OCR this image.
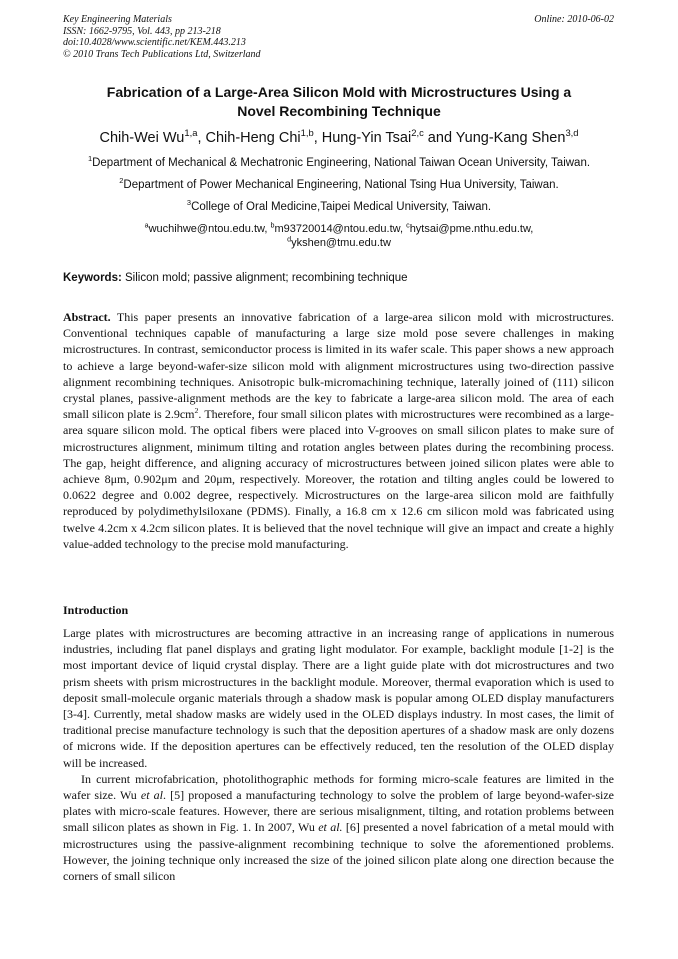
Key Engineering Materials
ISSN: 1662-9795, Vol. 443, pp 213-218
doi:10.4028/www.scientific.net/KEM.443.213
© 2010 Trans Tech Publications Ltd, Switzerland
Online: 2010-06-02
Fabrication of a Large-Area Silicon Mold with Microstructures Using a
Novel Recombining Technique
Chih-Wei Wu$^{1,a}$, Chih-Heng Chi$^{1,b}$, Hung-Yin Tsai$^{2,c}$ and Yung-Kang Shen$^{3,d}$
$^1$Department of Mechanical & Mechatronic Engineering, National Taiwan Ocean University, Taiwan.
$^2$Department of Power Mechanical Engineering, National Tsing Hua University, Taiwan.
$^3$College of Oral Medicine,Taipei Medical University, Taiwan.
$^a$wuchihwe@ntou.edu.tw, $^b$m93720014@ntou.edu.tw, $^c$hytsai@pme.nthu.edu.tw,
$^d$ykshen@tmu.edu.tw
Keywords: Silicon mold; passive alignment; recombining technique
Abstract. This paper presents an innovative fabrication of a large-area silicon mold with microstructures. Conventional techniques capable of manufacturing a large size mold pose severe challenges in making microstructures. In contrast, semiconductor process is limited in its wafer scale. This paper shows a new approach to achieve a large beyond-wafer-size silicon mold with alignment microstructures using two-direction passive alignment recombining techniques. Anisotropic bulk-micromachining technique, laterally joined of (111) silicon crystal planes, passive-alignment methods are the key to fabricate a large-area silicon mold. The area of each small silicon plate is $2.9cm^2$. Therefore, four small silicon plates with microstructures were recombined as a large-area square silicon mold. The optical fibers were placed into V-grooves on small silicon plates to make sure of microstructures alignment, minimum tilting and rotation angles between plates during the recombining process. The gap, height difference, and aligning accuracy of microstructures between joined silicon plates were able to achieve 8μm, 0.902μm and 20μm, respectively. Moreover, the rotation and tilting angles could be lowered to 0.0622 degree and 0.002 degree, respectively. Microstructures on the large-area silicon mold are faithfully reproduced by polydimethylsiloxane (PDMS). Finally, a 16.8 cm x 12.6 cm silicon mold was fabricated using twelve 4.2cm x 4.2cm silicon plates. It is believed that the novel technique will give an impact and create a highly value-added technology to the precise mold manufacturing.
Introduction

Large plates with microstructures are becoming attractive in an increasing range of applications in numerous industries, including flat panel displays and grating light modulator. For example, backlight module [1-2] is the most important device of liquid crystal display. There are a light guide plate with dot microstructures and two prism sheets with prism microstructures in the backlight module. Moreover, thermal evaporation which is used to deposit small-molecule organic materials through a shadow mask is popular among OLED display manufacturers [3-4]. Currently, metal shadow masks are widely used in the OLED displays industry. In most cases, the limit of traditional precise manufacture technology is such that the deposition apertures of a shadow mask are only dozens of microns wide. If the deposition apertures can be effectively reduced, ten the resolution of the OLED display will be increased.

In current microfabrication, photolithographic methods for forming micro-scale features are limited in the wafer size. Wu et al. [5] proposed a manufacturing technology to solve the problem of large beyond-wafer-size plates with micro-scale features. However, there are serious misalignment, tilting, and rotation problems between small silicon plates as shown in Fig. 1. In 2007, Wu et al. [6] presented a novel fabrication of a metal mould with microstructures using the passive-alignment recombining technique to solve the aforementioned problems. However, the joining technique only increased the size of the joined silicon plate along one direction because the corners of small silicon
